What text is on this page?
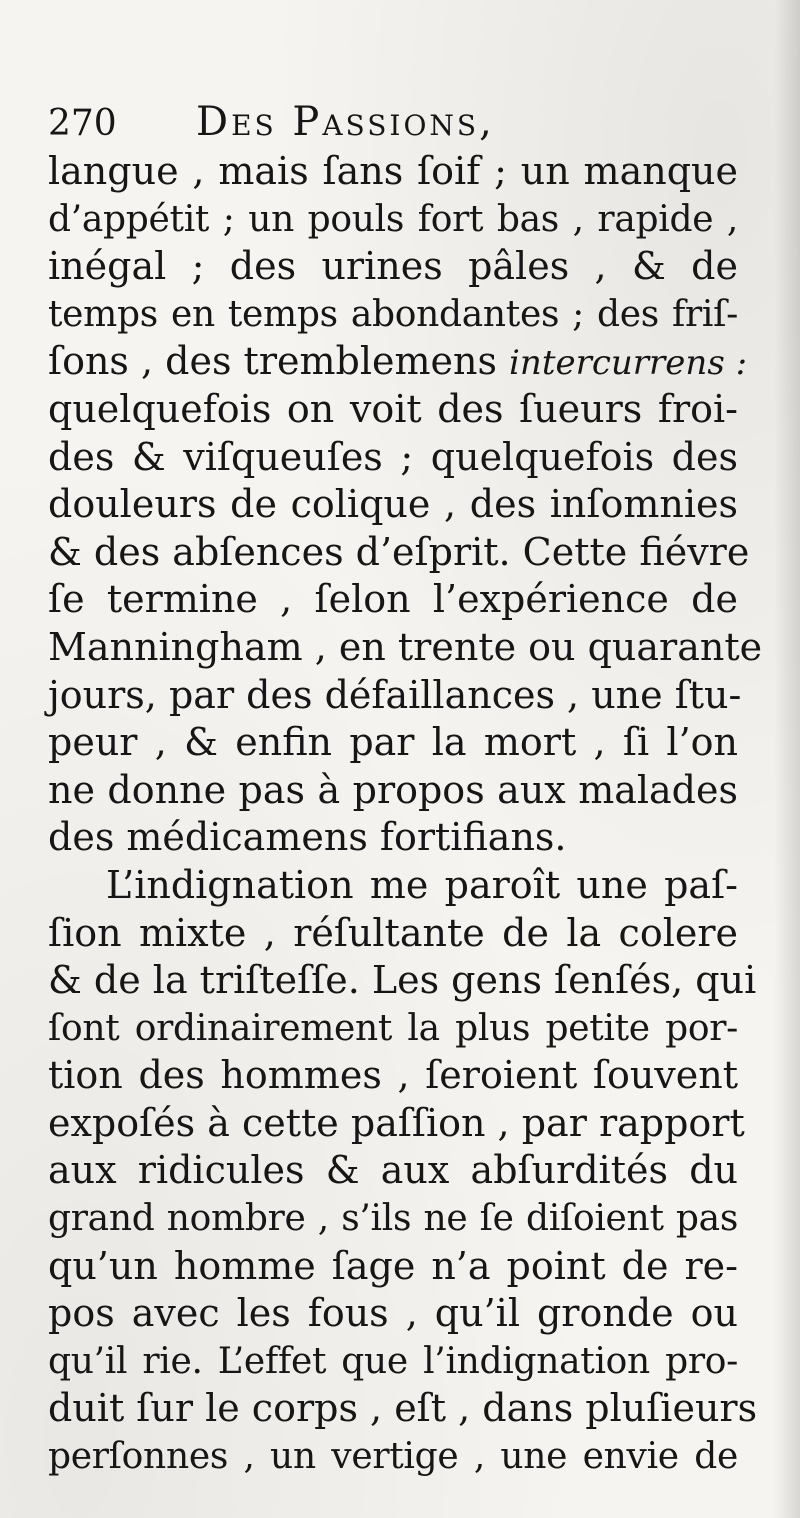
270 Des Passions,
langue , mais ſans ſoif ; un manque
d’appétit ; un pouls fort bas , rapide ,
inégal ; des urines pâles , & de
temps en temps abondantes ; des friſ-
ſons , des tremblemens intercurrens :
quelquefois on voit des ſueurs froi-
des & viſqueuſes ; quelquefois des
douleurs de colique , des inſomnies
& des abſences d’eſprit. Cette fiévre
ſe termine , ſelon l’expérience de
Manningham , en trente ou quarante
jours, par des défaillances , une ſtu-
peur , & enfin par la mort , ſi l’on
ne donne pas à propos aux malades
des médicamens fortifians.
L’indignation me paroît une paſ-
ſion mixte , réſultante de la colere
& de la triſteſſe. Les gens ſenſés, qui
ſont ordinairement la plus petite por-
tion des hommes , ſeroient ſouvent
expoſés à cette paſſion , par rapport
aux ridicules & aux abſurdités du
grand nombre , s’ils ne ſe diſoient pas
qu’un homme ſage n’a point de re-
pos avec les fous , qu’il gronde ou
qu’il rie. L’effet que l’indignation pro-
duit ſur le corps , eſt , dans pluſieurs
perſonnes , un vertige , une envie de
